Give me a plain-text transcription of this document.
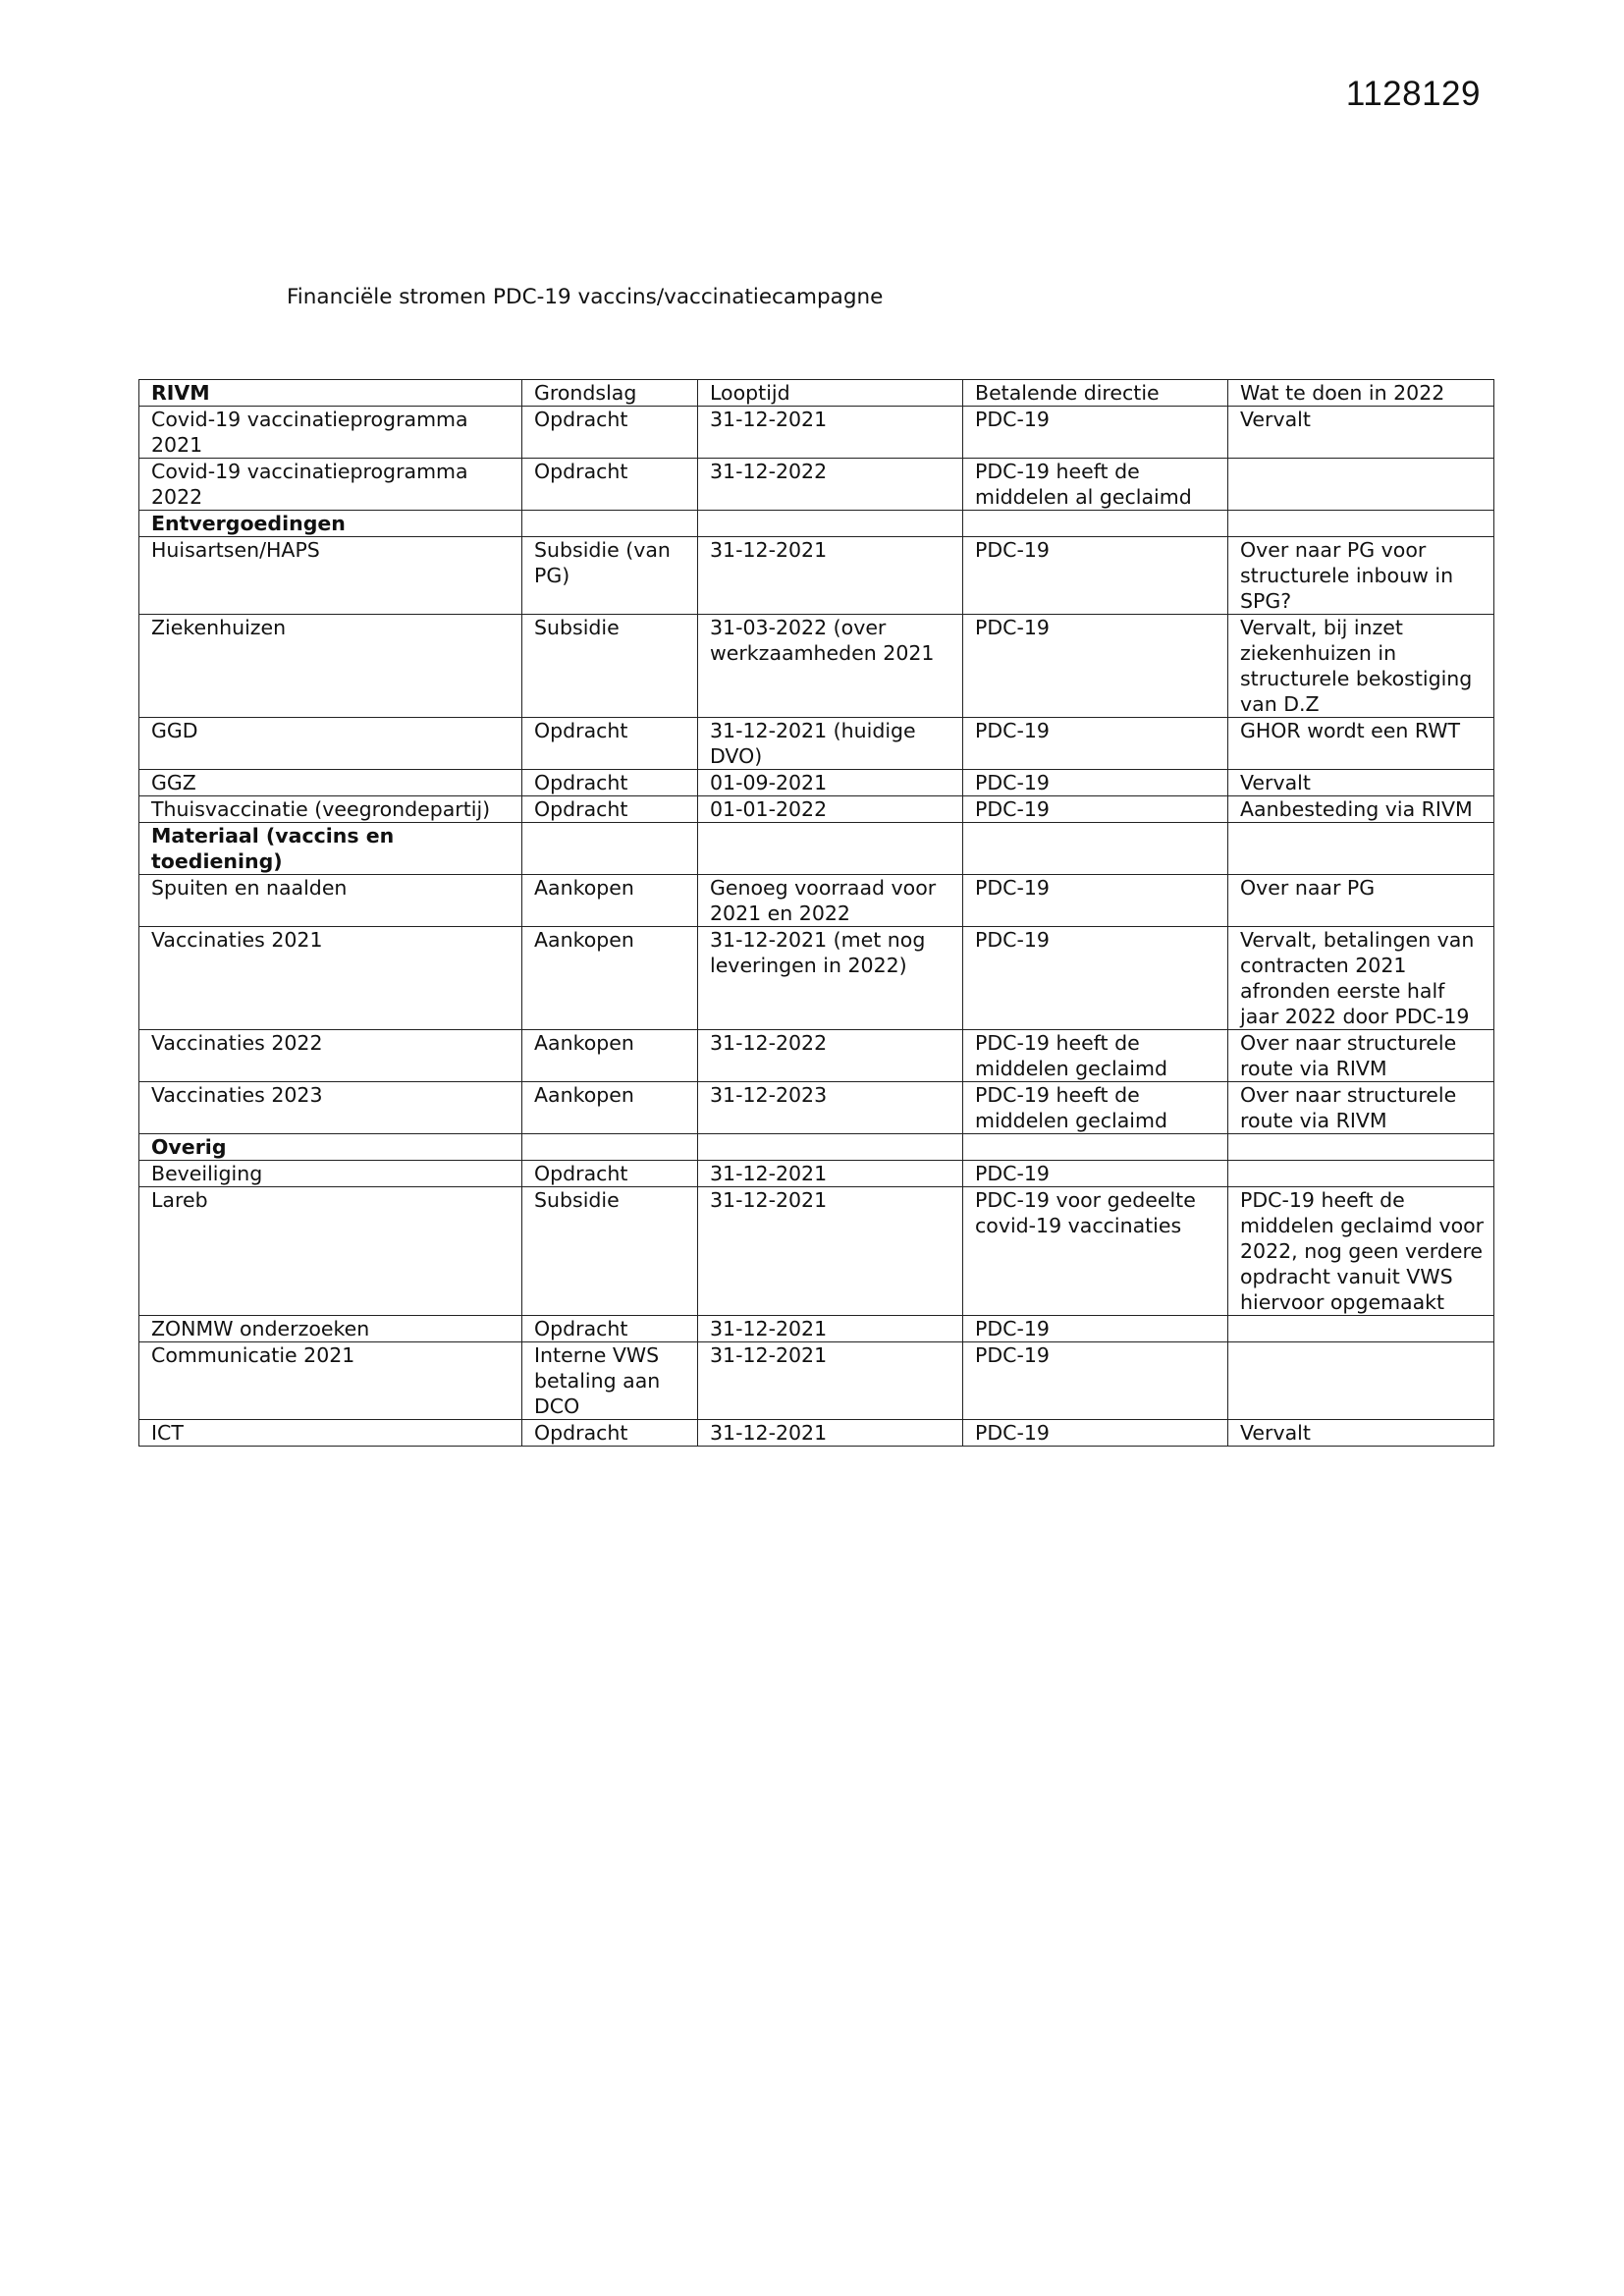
1128129
Financiële stromen PDC-19 vaccins/vaccinatiecampagne
RIVM	Grondslag	Looptijd	Betalende directie	Wat te doen in 2022
Covid-19 vaccinatieprogramma 2021	Opdracht	31-12-2021	PDC-19	Vervalt
Covid-19 vaccinatieprogramma 2022	Opdracht	31-12-2022	PDC-19 heeft de middelen al geclaimd	
Entvergoedingen				
Huisartsen/HAPS	Subsidie (van PG)	31-12-2021	PDC-19	Over naar PG voor structurele inbouw in SPG?
Ziekenhuizen	Subsidie	31-03-2022 (over werkzaamheden 2021	PDC-19	Vervalt, bij inzet ziekenhuizen in structurele bekostiging van D.Z
GGD	Opdracht	31-12-2021 (huidige DVO)	PDC-19	GHOR wordt een RWT
GGZ	Opdracht	01-09-2021	PDC-19	Vervalt
Thuisvaccinatie (veegrondepartij)	Opdracht	01-01-2022	PDC-19	Aanbesteding via RIVM
Materiaal (vaccins en toediening)				
Spuiten en naalden	Aankopen	Genoeg voorraad voor 2021 en 2022	PDC-19	Over naar PG
Vaccinaties 2021	Aankopen	31-12-2021 (met nog leveringen in 2022)	PDC-19	Vervalt, betalingen van contracten 2021 afronden eerste half jaar 2022 door PDC-19
Vaccinaties 2022	Aankopen	31-12-2022	PDC-19 heeft de middelen geclaimd	Over naar structurele route via RIVM
Vaccinaties 2023	Aankopen	31-12-2023	PDC-19 heeft de middelen geclaimd	Over naar structurele route via RIVM
Overig				
Beveiliging	Opdracht	31-12-2021	PDC-19	
Lareb	Subsidie	31-12-2021	PDC-19 voor gedeelte covid-19 vaccinaties	PDC-19 heeft de middelen geclaimd voor 2022, nog geen verdere opdracht vanuit VWS hiervoor opgemaakt
ZONMW onderzoeken	Opdracht	31-12-2021	PDC-19	
Communicatie 2021	Interne VWS betaling aan DCO	31-12-2021	PDC-19	
ICT	Opdracht	31-12-2021	PDC-19	Vervalt
